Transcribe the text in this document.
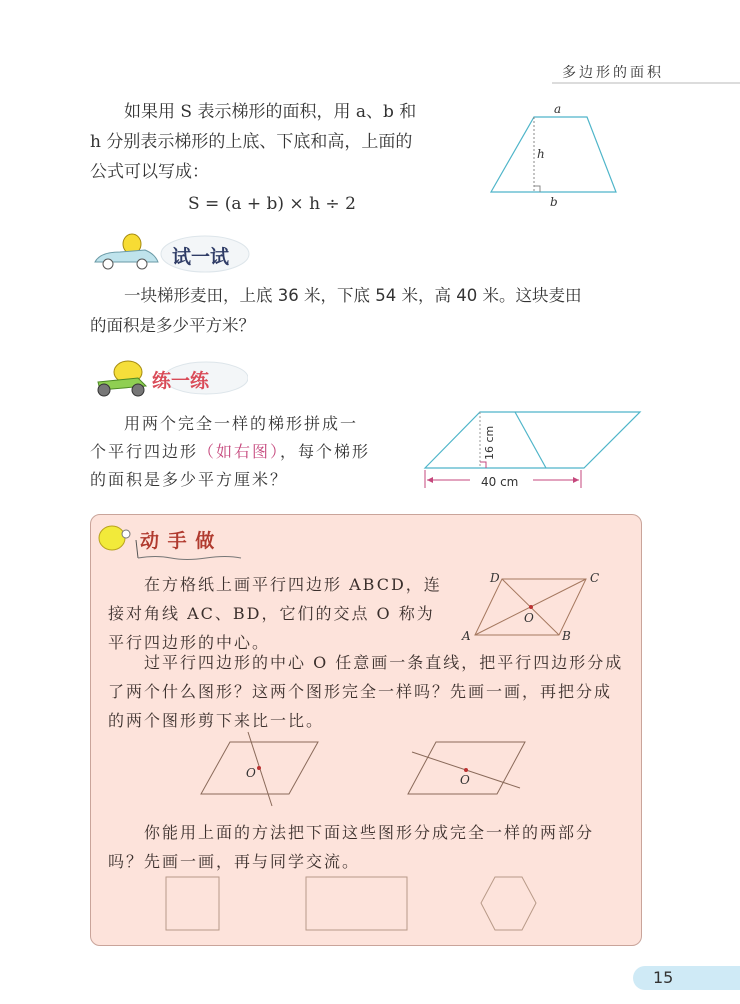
多边形的面积
如果用 S 表示梯形的面积，用 a、b 和
h 分别表示梯形的上底、下底和高，上面的
公式可以写成：
S = (a + b) × h ÷ 2
a
h
b
试一试
一块梯形麦田，上底 36 米，下底 54 米，高 40 米。这块麦田
的面积是多少平方米？
练一练
用两个完全一样的梯形拼成一
个平行四边形（如右图），每个梯形
的面积是多少平方厘米？
16 cm
40 cm
动 手 做
在方格纸上画平行四边形 ABCD，连
接对角线 AC、BD，它们的交点 O 称为
平行四边形的中心。	A	B
C
D
O
过平行四边形的中心 O 任意画一条直线，把平行四边形分成
了两个什么图形？这两个图形完全一样吗？先画一画，再把分成
的两个图形剪下来比一比。
O	O
你能用上面的方法把下面这些图形分成完全一样的两部分
吗？先画一画，再与同学交流。
15
